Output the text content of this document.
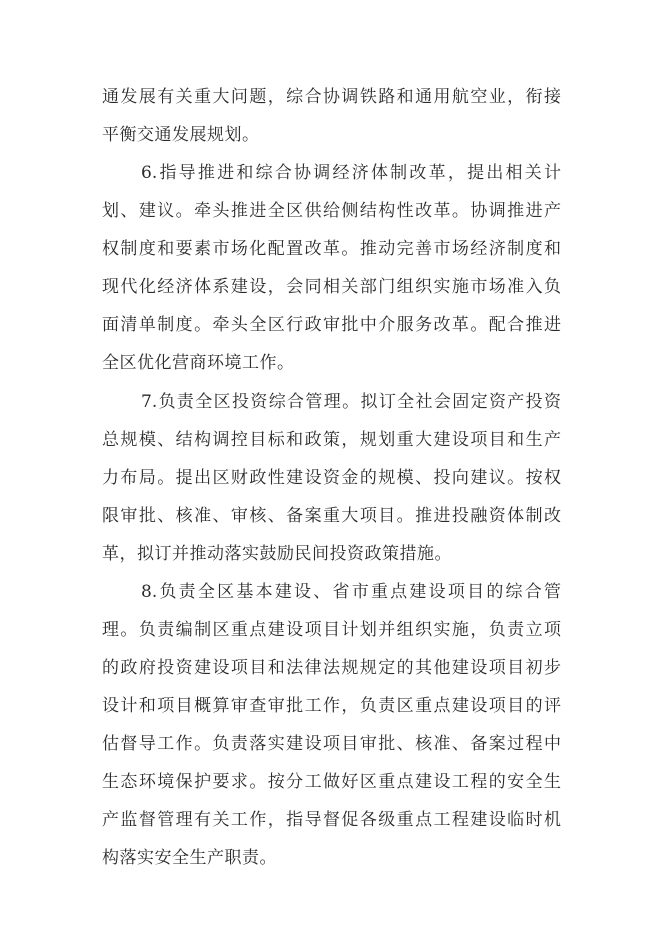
通发展有关重大问题，综合协调铁路和通用航空业，衔接
平衡交通发展规划。
6.指导推进和综合协调经济体制改革，提出相关计
划、建议。牵头推进全区供给侧结构性改革。协调推进产
权制度和要素市场化配置改革。推动完善市场经济制度和
现代化经济体系建设，会同相关部门组织实施市场准入负
面清单制度。牵头全区行政审批中介服务改革。配合推进
全区优化营商环境工作。
7.负责全区投资综合管理。拟订全社会固定资产投资
总规模、结构调控目标和政策，规划重大建设项目和生产
力布局。提出区财政性建设资金的规模、投向建议。按权
限审批、核准、审核、备案重大项目。推进投融资体制改
革，拟订并推动落实鼓励民间投资政策措施。
8.负责全区基本建设、省市重点建设项目的综合管
理。负责编制区重点建设项目计划并组织实施，负责立项
的政府投资建设项目和法律法规规定的其他建设项目初步
设计和项目概算审查审批工作，负责区重点建设项目的评
估督导工作。负责落实建设项目审批、核准、备案过程中
生态环境保护要求。按分工做好区重点建设工程的安全生
产监督管理有关工作，指导督促各级重点工程建设临时机
构落实安全生产职责。
